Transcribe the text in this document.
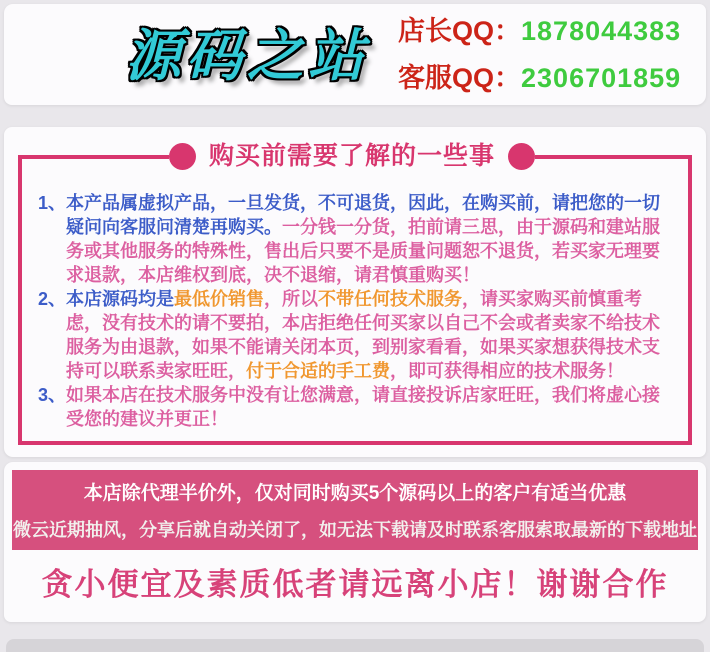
源码之站	店长QQ：1878044383
客服QQ：2306701859
购买前需要了解的一些事
1、 本产品属虚拟产品，一旦发货，不可退货，因此，在购买前，请把您的一切疑问向客服问清楚再购买。一分钱一分货，拍前请三思，由于源码和建站服务或其他服务的特殊性，售出后只要不是质量问题恕不退货，若买家无理要求退款，本店维权到底，决不退缩，请君慎重购买！
2、 本店源码均是最低价销售，所以不带任何技术服务，请买家购买前慎重考虑，没有技术的请不要拍，本店拒绝任何买家以自己不会或者卖家不给技术服务为由退款，如果不能请关闭本页，到别家看看，如果买家想获得技术支持可以联系卖家旺旺，付于合适的手工费，即可获得相应的技术服务！
3、 如果本店在技术服务中没有让您满意，请直接投诉店家旺旺，我们将虚心接受您的建议并更正！
本店除代理半价外，仅对同时购买5个源码以上的客户有适当优惠
微云近期抽风，分享后就自动关闭了，如无法下载请及时联系客服索取最新的下载地址
贪小便宜及素质低者请远离小店！谢谢合作
